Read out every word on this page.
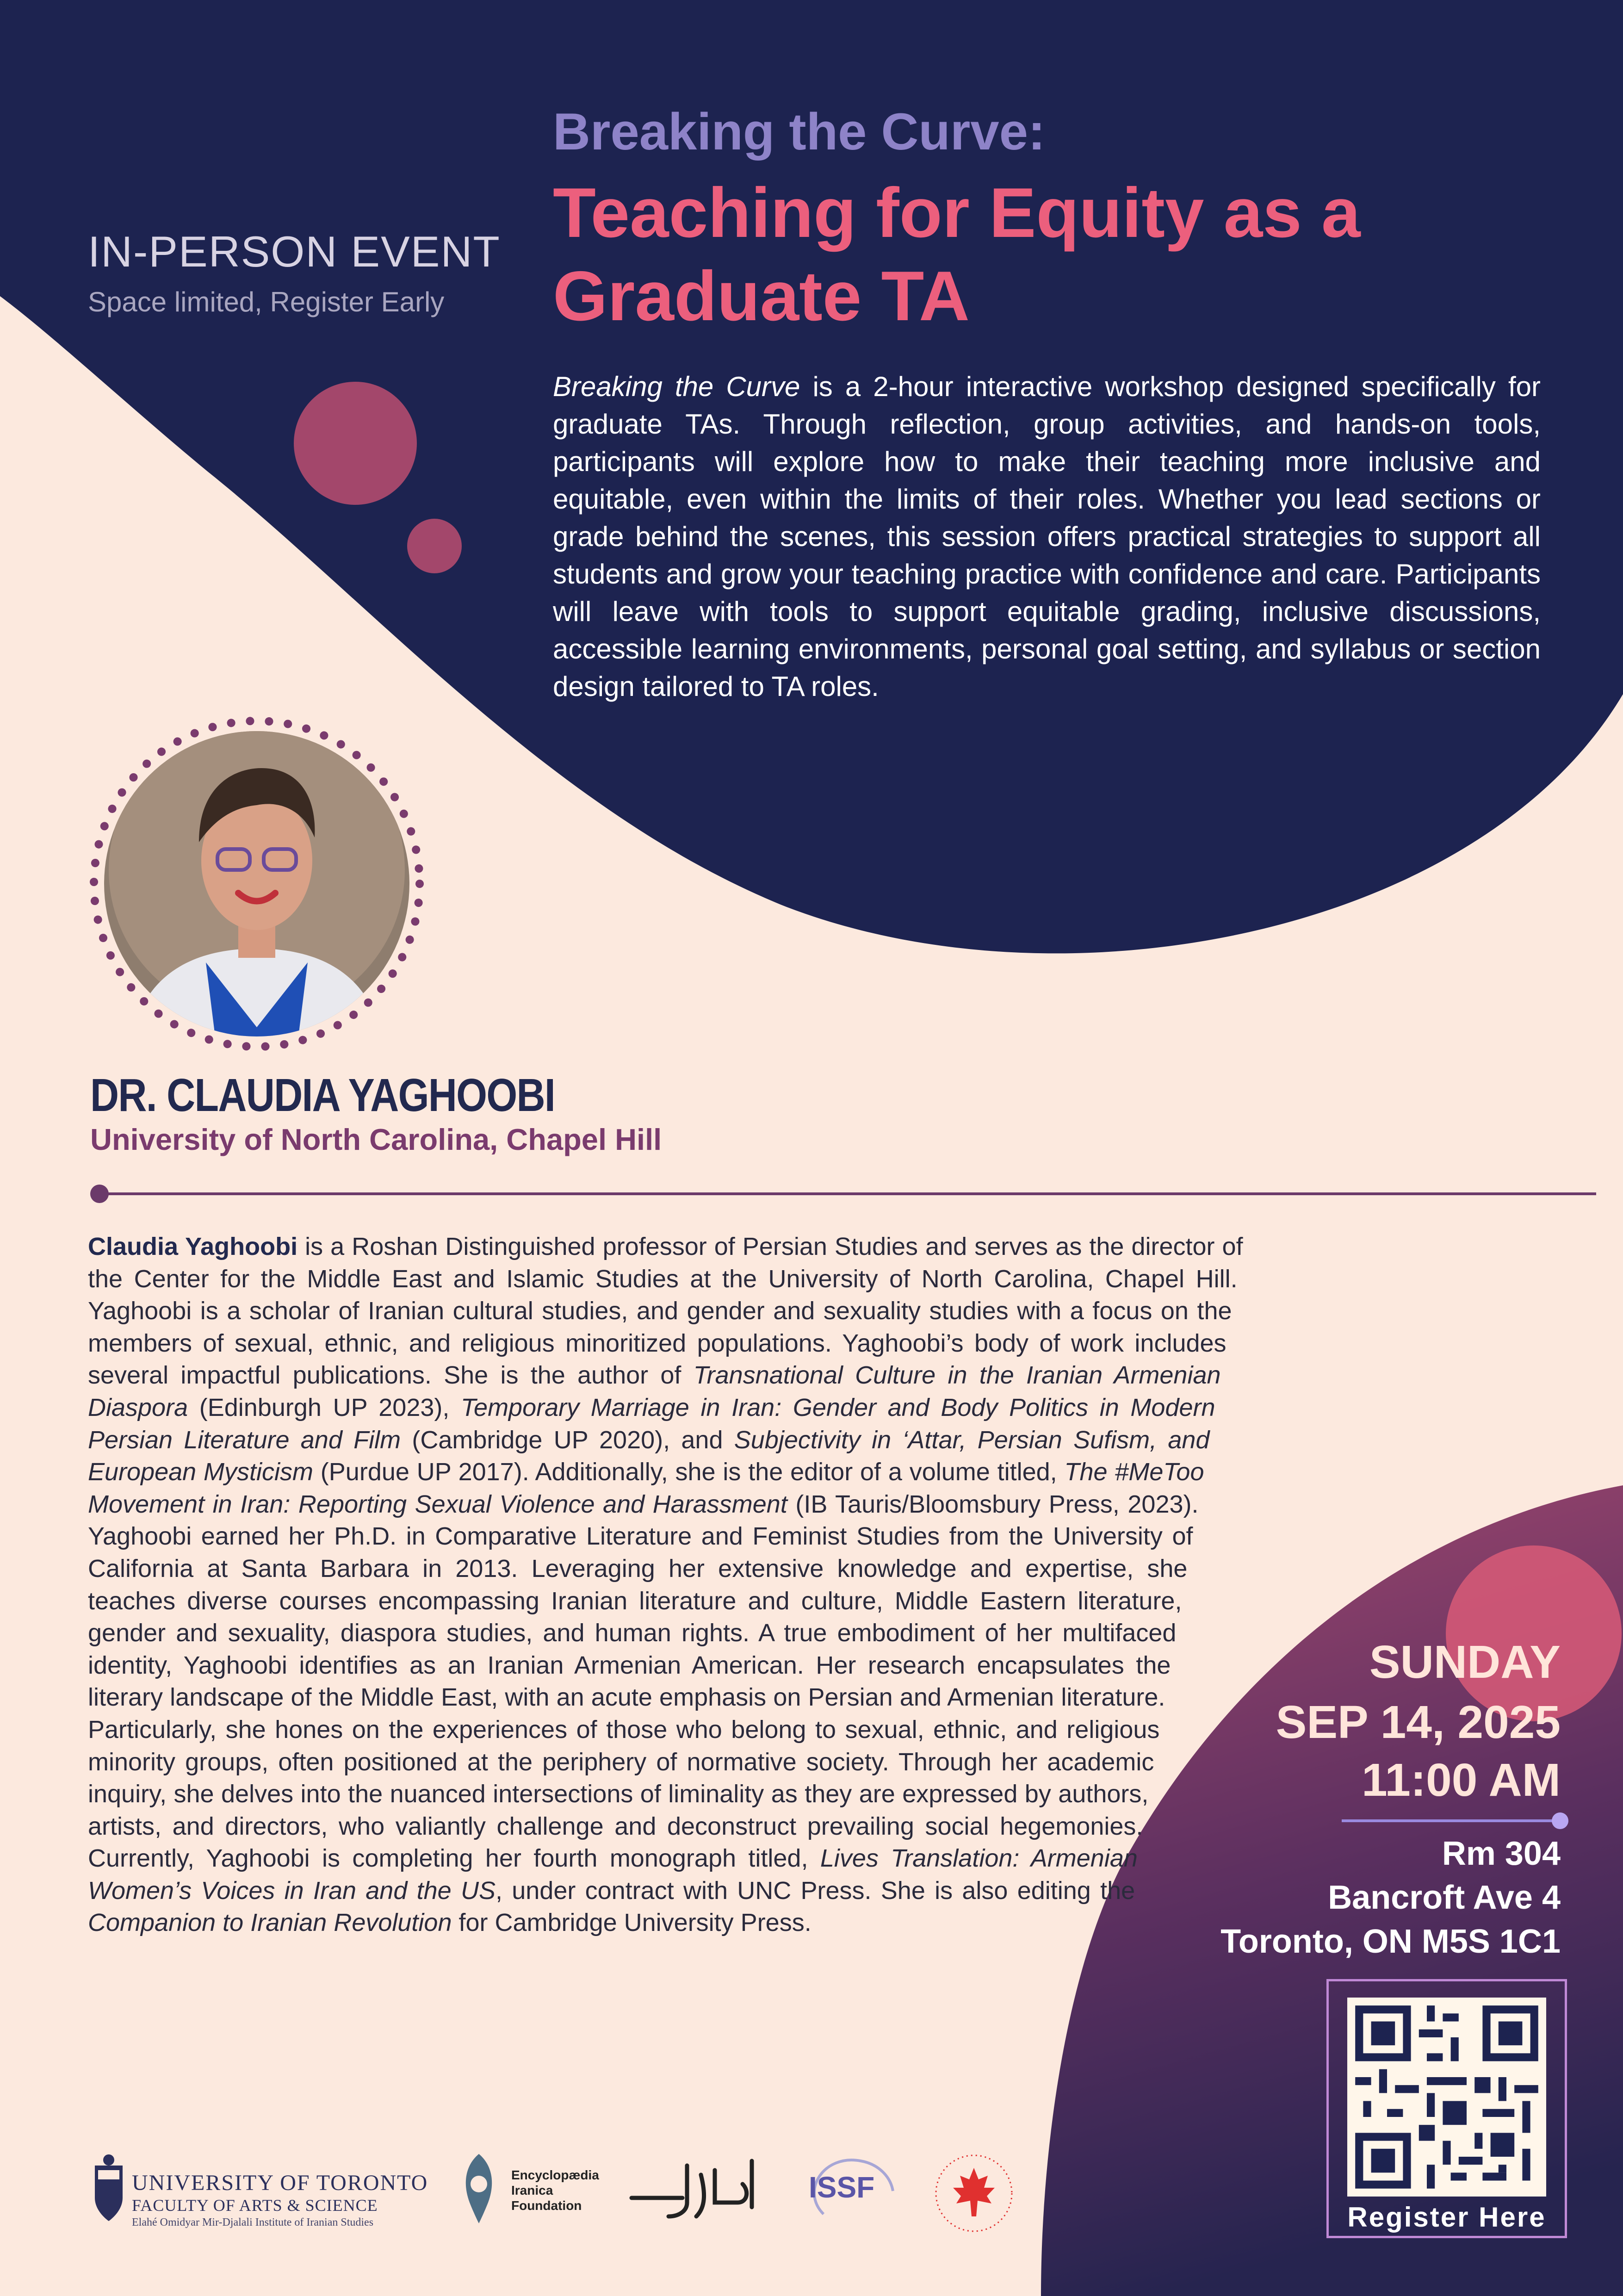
IN-PERSON EVENT
Space limited, Register Early
Breaking the Curve:
Teaching for Equity as a Graduate TA
Breaking the Curve is a 2-hour interactive workshop designed specifically for graduate TAs. Through reflection, group activities, and hands-on tools, participants will explore how to make their teaching more inclusive and equitable, even within the limits of their roles. Whether you lead sections or grade behind the scenes, this session offers practical strategies to support all students and grow your teaching practice with confidence and care. Participants will leave with tools to support equitable grading, inclusive discussions, accessible learning environments, personal goal setting, and syllabus or section design tailored to TA roles.
DR. CLAUDIA YAGHOOBI
University of North Carolina, Chapel Hill

Claudia Yaghoobi is a Roshan Distinguished professor of Persian Studies and serves as the director of the Center for the Middle East and Islamic Studies at the University of North Carolina, Chapel Hill. Yaghoobi is a scholar of Iranian cultural studies, and gender and sexuality studies with a focus on the members of sexual, ethnic, and religious minoritized populations. Yaghoobi’s body of work includes several impactful publications. She is the author of Transnational Culture in the Iranian Armenian Diaspora (Edinburgh UP 2023), Temporary Marriage in Iran: Gender and Body Politics in Modern Persian Literature and Film (Cambridge UP 2020), and Subjectivity in ‘Attar, Persian Sufism, and European Mysticism (Purdue UP 2017). Additionally, she is the editor of a volume titled, The #MeToo Movement in Iran: Reporting Sexual Violence and Harassment (IB Tauris/Bloomsbury Press, 2023). Yaghoobi earned her Ph.D. in Comparative Literature and Feminist Studies from the University of California at Santa Barbara in 2013. Leveraging her extensive knowledge and expertise, she teaches diverse courses encompassing Iranian literature and culture, Middle Eastern literature, gender and sexuality, diaspora studies, and human rights. A true embodiment of her multifaced identity, Yaghoobi identifies as an Iranian Armenian American. Her research encapsulates the literary landscape of the Middle East, with an acute emphasis on Persian and Armenian literature. Particularly, she hones on the experiences of those who belong to sexual, ethnic, and religious minority groups, often positioned at the periphery of normative society. Through her academic inquiry, she delves into the nuanced intersections of liminality as they are expressed by authors, artists, and directors, who valiantly challenge and deconstruct prevailing social hegemonies. Currently, Yaghoobi is completing her fourth monograph titled, Lives Translation: Armenian Women’s Voices in Iran and the US, under contract with UNC Press. She is also editing the Companion to Iranian Revolution for Cambridge University Press.

SUNDAY
SEP 14, 2025
11:00 AM
Rm 304
Bancroft Ave 4
Toronto, ON M5S 1C1
Register Here
UNIVERSITY OF TORONTO
FACULTY OF ARTS & SCIENCE
Elahé Omidyar Mir-Djalali Institute of Iranian Studies
Encyclopædia
Iranica
Foundation
ISSF
